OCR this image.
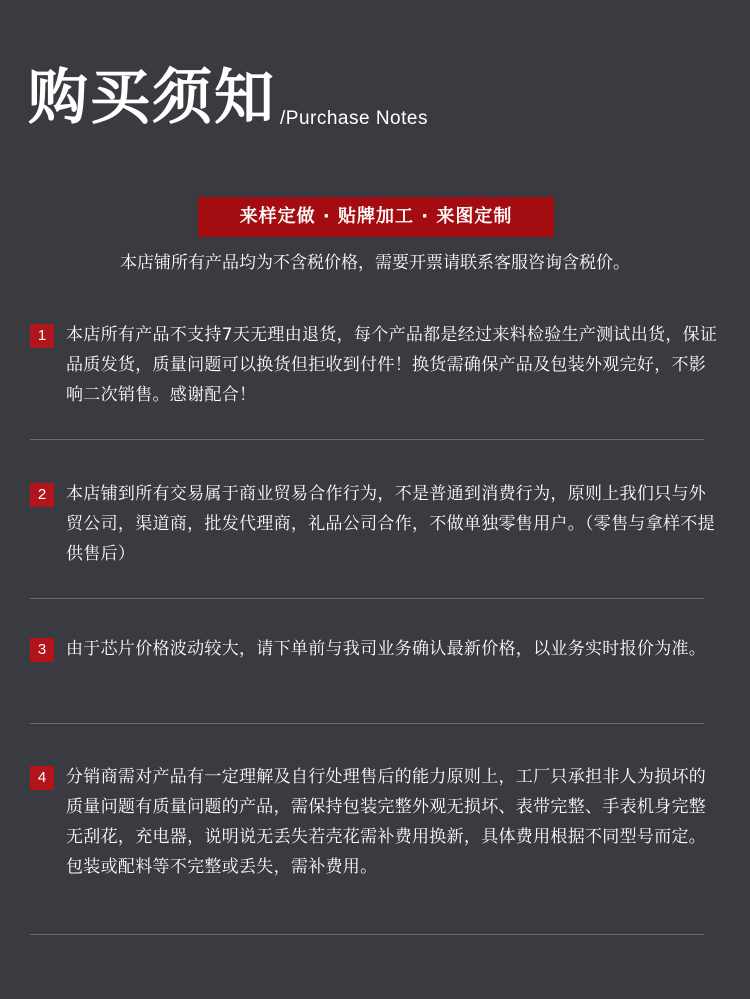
购买须知 /Purchase Notes
来样定做 · 贴牌加工 · 来图定制
本店铺所有产品均为不含税价格，需要开票请联系客服咨询含税价。
1	本店所有产品不支持7天无理由退货，每个产品都是经过来料检验生产测试出货，保证品质发货，质量问题可以换货但拒收到付件！换货需确保产品及包装外观完好，不影响二次销售。感谢配合！
2	本店铺到所有交易属于商业贸易合作行为，不是普通到消费行为，原则上我们只与外贸公司，渠道商，批发代理商，礼品公司合作，不做单独零售用户。（零售与拿样不提供售后）
3	由于芯片价格波动较大，请下单前与我司业务确认最新价格，以业务实时报价为准。
4	分销商需对产品有一定理解及自行处理售后的能力原则上，工厂只承担非人为损坏的质量问题有质量问题的产品，需保持包装完整外观无损坏、表带完整、手表机身完整无刮花，充电器，说明说无丢失若壳花需补费用换新，具体费用根据不同型号而定。包装或配料等不完整或丢失，需补费用。
